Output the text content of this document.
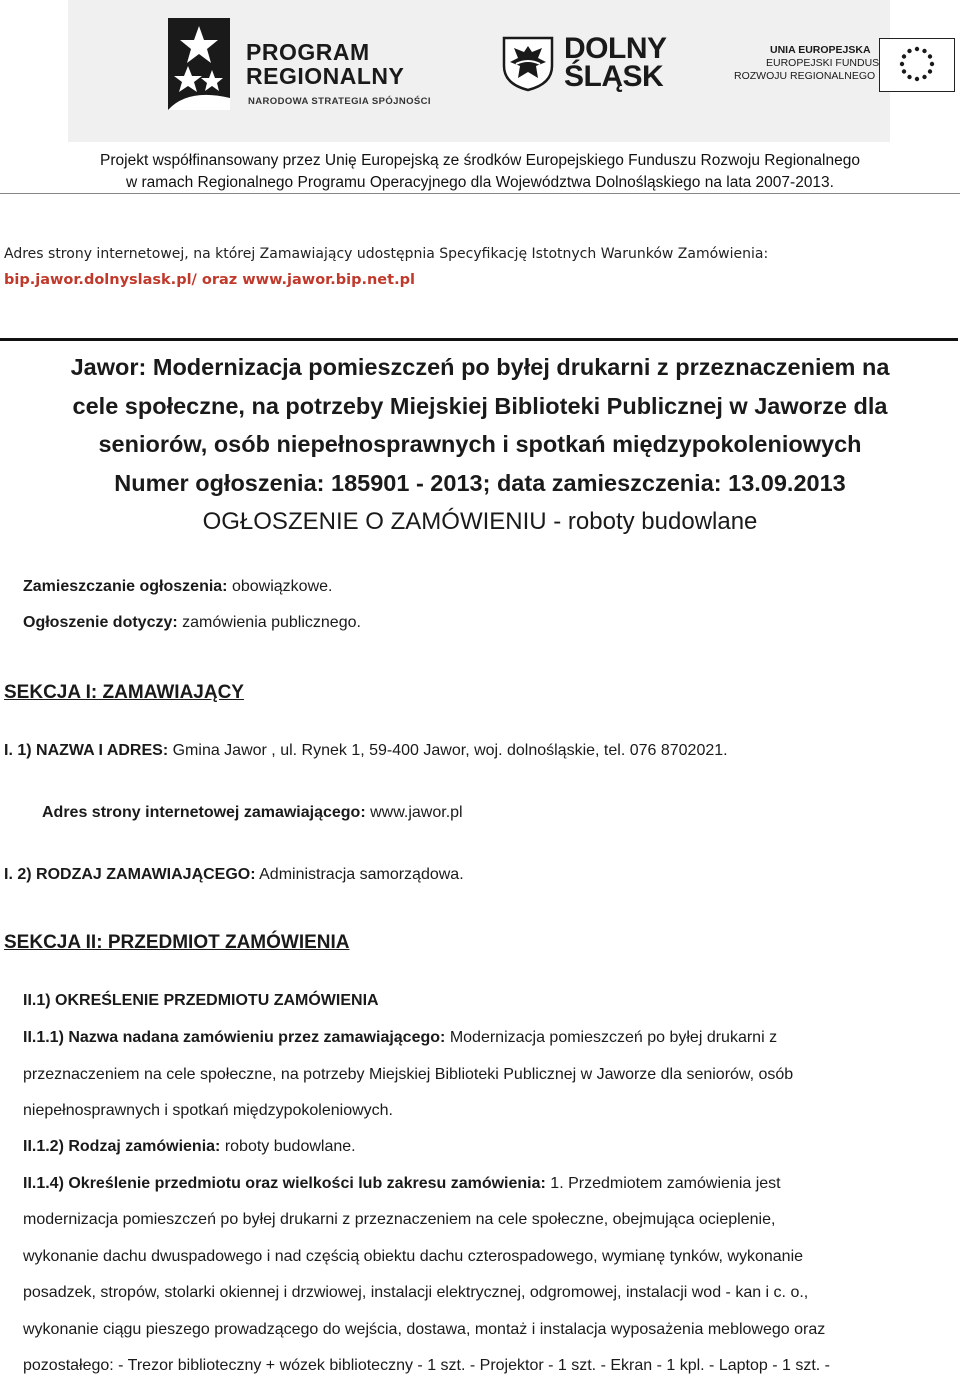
PROGRAM
REGIONALNY
NARODOWA STRATEGIA SPÓJNOŚCI
DOLNY
ŚLĄSK
UNIA EUROPEJSKA
EUROPEJSKI FUNDUSZ
ROZWOJU REGIONALNEGO
Projekt współfinansowany przez Unię Europejską ze środków Europejskiego Funduszu Rozwoju Regionalnego
w ramach Regionalnego Programu Operacyjnego dla Województwa Dolnośląskiego na lata 2007-2013.
Adres strony internetowej, na której Zamawiający udostępnia Specyfikację Istotnych Warunków Zamówienia:
bip.jawor.dolnyslask.pl/ oraz www.jawor.bip.net.pl
Jawor: Modernizacja pomieszczeń po byłej drukarni z przeznaczeniem na
cele społeczne, na potrzeby Miejskiej Biblioteki Publicznej w Jaworze dla
seniorów, osób niepełnosprawnych i spotkań międzypokoleniowych
Numer ogłoszenia: 185901 - 2013; data zamieszczenia: 13.09.2013
OGŁOSZENIE O ZAMÓWIENIU - roboty budowlane
Zamieszczanie ogłoszenia: obowiązkowe.
Ogłoszenie dotyczy: zamówienia publicznego.
SEKCJA I: ZAMAWIAJĄCY
I. 1) NAZWA I ADRES: Gmina Jawor , ul. Rynek 1, 59-400 Jawor, woj. dolnośląskie, tel. 076 8702021.
Adres strony internetowej zamawiającego: www.jawor.pl
I. 2) RODZAJ ZAMAWIAJĄCEGO: Administracja samorządowa.
SEKCJA II: PRZEDMIOT ZAMÓWIENIA
II.1) OKREŚLENIE PRZEDMIOTU ZAMÓWIENIA
II.1.1) Nazwa nadana zamówieniu przez zamawiającego: Modernizacja pomieszczeń po byłej drukarni z
przeznaczeniem na cele społeczne, na potrzeby Miejskiej Biblioteki Publicznej w Jaworze dla seniorów, osób
niepełnosprawnych i spotkań międzypokoleniowych.
II.1.2) Rodzaj zamówienia: roboty budowlane.
II.1.4) Określenie przedmiotu oraz wielkości lub zakresu zamówienia: 1. Przedmiotem zamówienia jest
modernizacja pomieszczeń po byłej drukarni z przeznaczeniem na cele społeczne, obejmująca ocieplenie,
wykonanie dachu dwuspadowego i nad częścią obiektu dachu czterospadowego, wymianę tynków, wykonanie
posadzek, stropów, stolarki okiennej i drzwiowej, instalacji elektrycznej, odgromowej, instalacji wod - kan i c. o.,
wykonanie ciągu pieszego prowadzącego do wejścia, dostawa, montaż i instalacja wyposażenia meblowego oraz
pozostałego: - Trezor biblioteczny + wózek biblioteczny - 1 szt. - Projektor - 1 szt. - Ekran - 1 kpl. - Laptop - 1 szt. -
